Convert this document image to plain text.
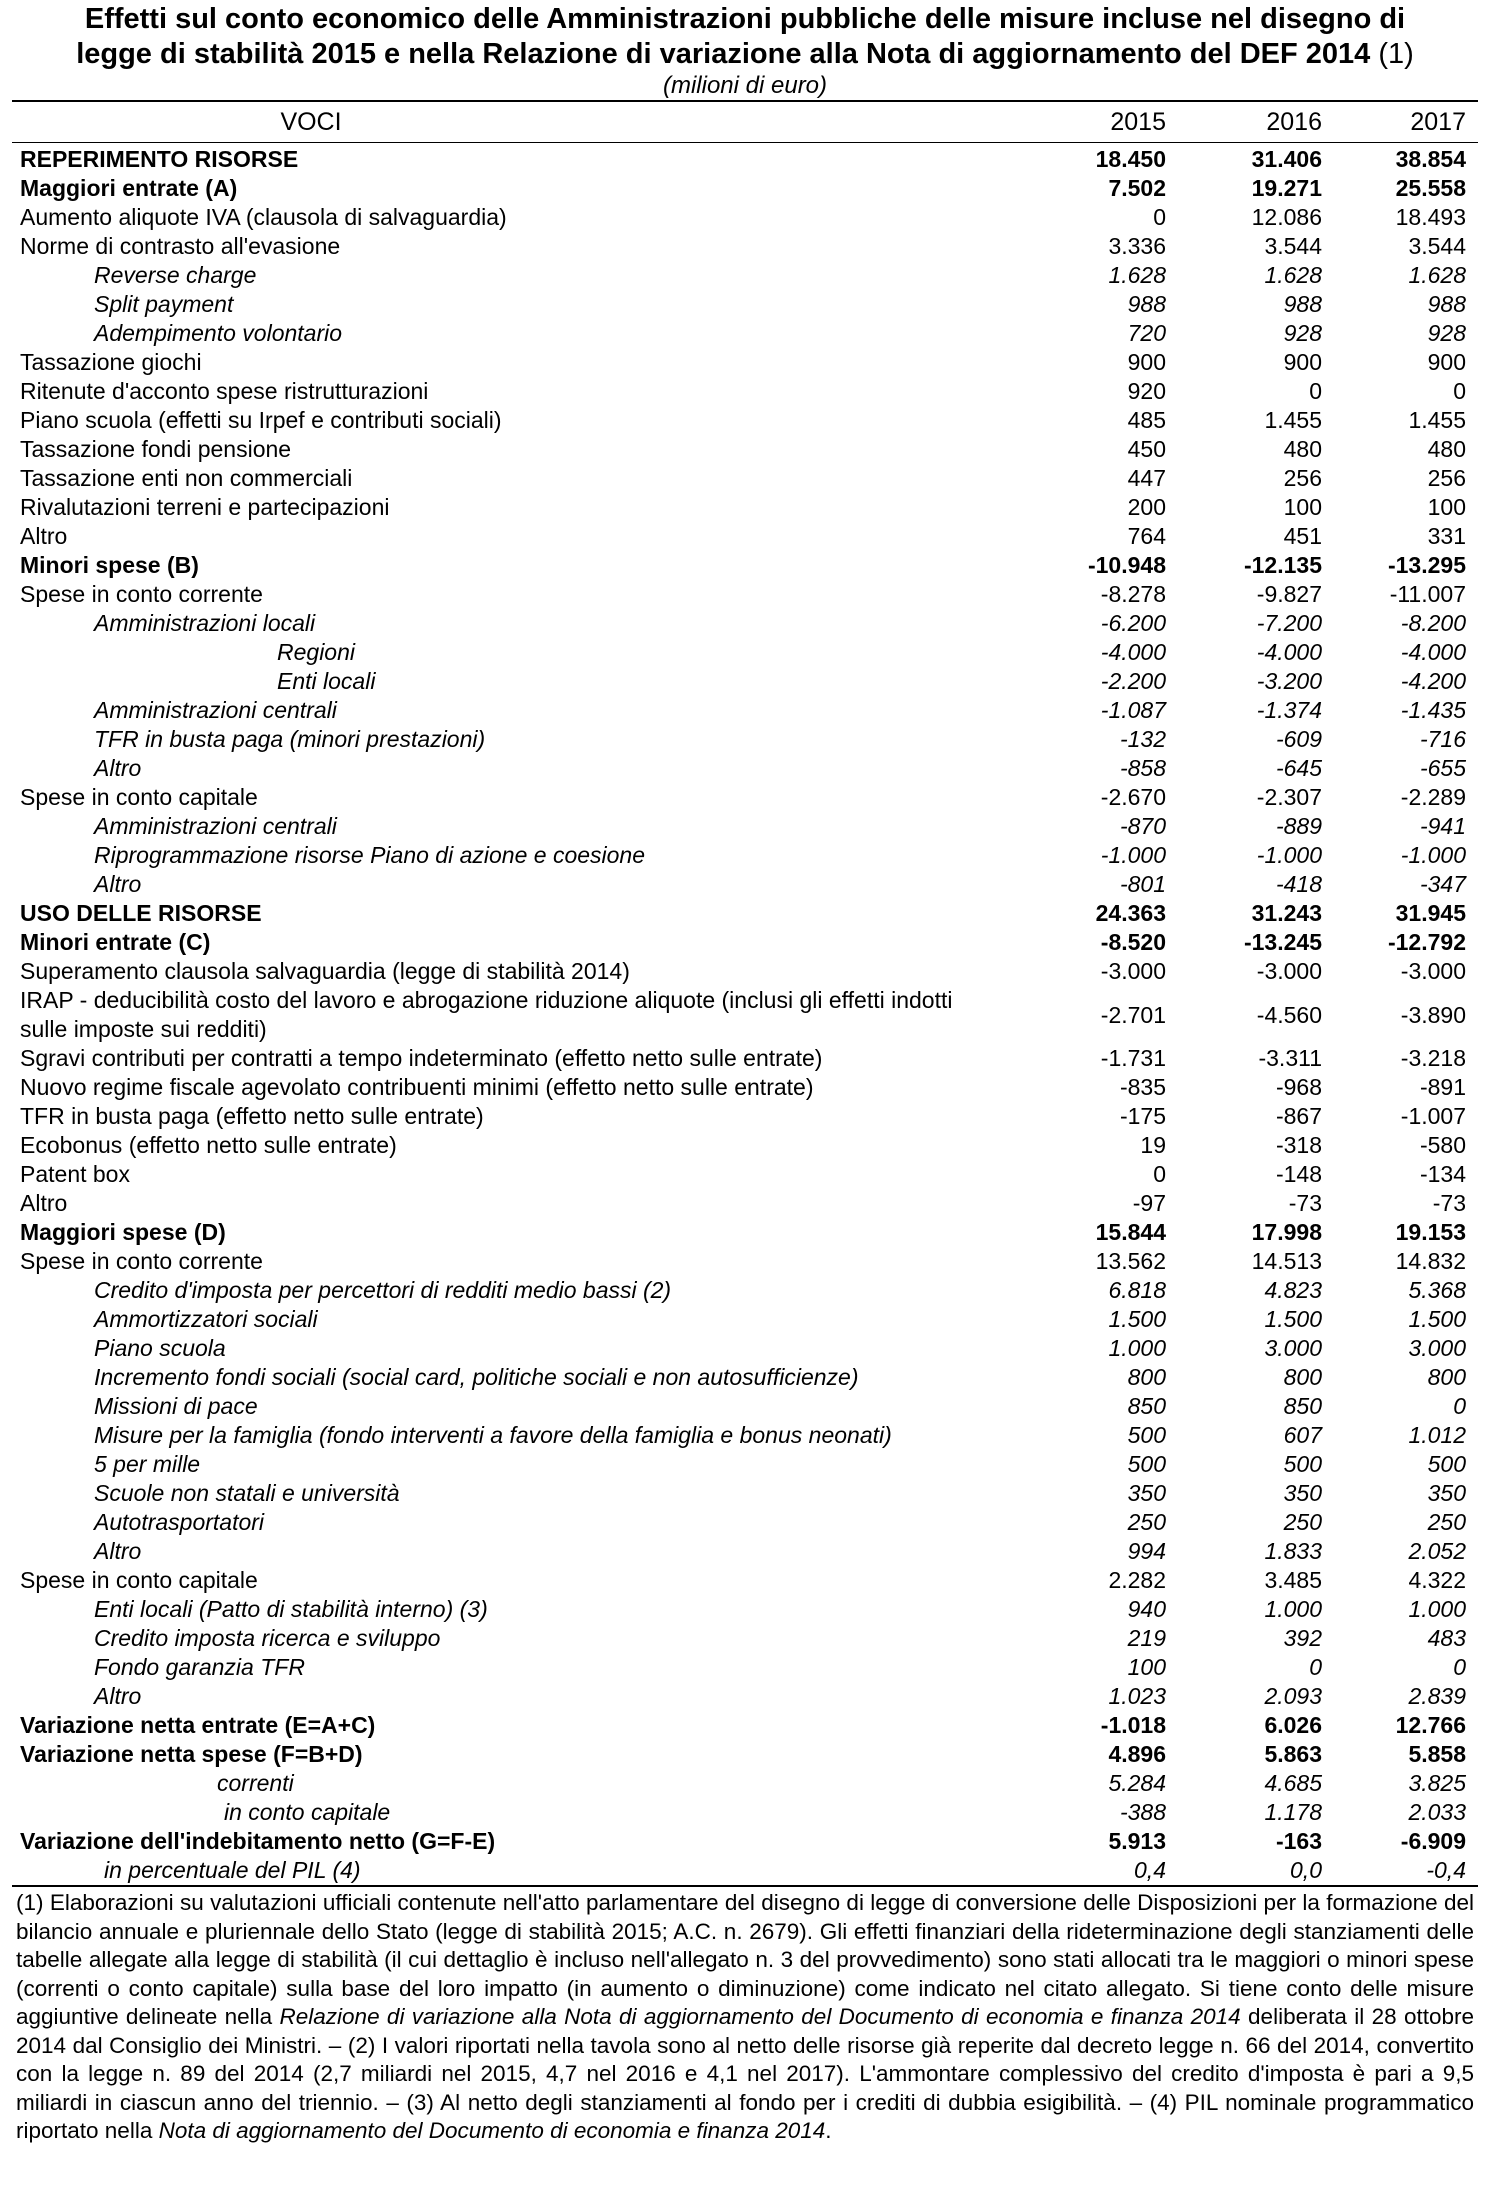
Effetti sul conto economico delle Amministrazioni pubbliche delle misure incluse nel disegno di
legge di stabilità 2015 e nella Relazione di variazione alla Nota di aggiornamento del DEF 2014 (1)
(milioni di euro)
VOCI	2015	2016	2017
REPERIMENTO RISORSE	18.450	31.406	38.854
Maggiori entrate (A)	7.502	19.271	25.558
Aumento aliquote IVA (clausola di salvaguardia)	0	12.086	18.493
Norme di contrasto all'evasione	3.336	3.544	3.544
Reverse charge	1.628	1.628	1.628
Split payment	988	988	988
Adempimento volontario	720	928	928
Tassazione giochi	900	900	900
Ritenute d'acconto spese ristrutturazioni	920	0	0
Piano scuola (effetti su Irpef e contributi sociali)	485	1.455	1.455
Tassazione fondi pensione	450	480	480
Tassazione enti non commerciali	447	256	256
Rivalutazioni terreni e partecipazioni	200	100	100
Altro	764	451	331
Minori spese (B)	-10.948	-12.135	-13.295
Spese in conto corrente	-8.278	-9.827	-11.007
Amministrazioni locali	-6.200	-7.200	-8.200
Regioni	-4.000	-4.000	-4.000
Enti locali	-2.200	-3.200	-4.200
Amministrazioni centrali	-1.087	-1.374	-1.435
TFR in busta paga (minori prestazioni)	-132	-609	-716
Altro	-858	-645	-655
Spese in conto capitale	-2.670	-2.307	-2.289
Amministrazioni centrali	-870	-889	-941
Riprogrammazione risorse Piano di azione e coesione	-1.000	-1.000	-1.000
Altro	-801	-418	-347
USO DELLE RISORSE	24.363	31.243	31.945
Minori entrate (C)	-8.520	-13.245	-12.792
Superamento clausola salvaguardia (legge di stabilità 2014)	-3.000	-3.000	-3.000
IRAP - deducibilità costo del lavoro e abrogazione riduzione aliquote (inclusi gli effetti indotti sulle imposte sui redditi)
-2.701	-4.560	-3.890
Sgravi contributi per contratti a tempo indeterminato (effetto netto sulle entrate)	-1.731	-3.311	-3.218
Nuovo regime fiscale agevolato contribuenti minimi (effetto netto sulle entrate)	-835	-968	-891
TFR in busta paga (effetto netto sulle entrate)	-175	-867	-1.007
Ecobonus (effetto netto sulle entrate)	19	-318	-580
Patent box	0	-148	-134
Altro	-97	-73	-73
Maggiori spese (D)	15.844	17.998	19.153
Spese in conto corrente	13.562	14.513	14.832
Credito d'imposta per percettori di redditi medio bassi (2)	6.818	4.823	5.368
Ammortizzatori sociali	1.500	1.500	1.500
Piano scuola	1.000	3.000	3.000
Incremento fondi sociali (social card, politiche sociali e non autosufficienze)	800	800	800
Missioni di pace	850	850	0
Misure per la famiglia (fondo interventi a favore della famiglia e bonus neonati)	500	607	1.012
5 per mille	500	500	500
Scuole non statali e università	350	350	350
Autotrasportatori	250	250	250
Altro	994	1.833	2.052
Spese in conto capitale	2.282	3.485	4.322
Enti locali (Patto di stabilità interno) (3)	940	1.000	1.000
Credito imposta ricerca e sviluppo	219	392	483
Fondo garanzia TFR	100	0	0
Altro	1.023	2.093	2.839
Variazione netta entrate (E=A+C)	-1.018	6.026	12.766
Variazione netta spese (F=B+D)	4.896	5.863	5.858
correnti	5.284	4.685	3.825
in conto capitale	-388	1.178	2.033
Variazione dell'indebitamento netto (G=F-E)	5.913	-163	-6.909
in percentuale del PIL (4)	0,4	0,0	-0,4
(1) Elaborazioni su valutazioni ufficiali contenute nell'atto parlamentare del disegno di legge di conversione delle Disposizioni per la formazione del bilancio annuale e pluriennale dello Stato (legge di stabilità 2015; A.C. n. 2679). Gli effetti finanziari della rideterminazione degli stanziamenti delle tabelle allegate alla legge di stabilità (il cui dettaglio è incluso nell'allegato n. 3 del provvedimento) sono stati allocati tra le maggiori o minori spese (correnti o conto capitale) sulla base del loro impatto (in aumento o diminuzione) come indicato nel citato allegato. Si tiene conto delle misure aggiuntive delineate nella Relazione di variazione alla Nota di aggiornamento del Documento di economia e finanza 2014 deliberata il 28 ottobre 2014 dal Consiglio dei Ministri. – (2) I valori riportati nella tavola sono al netto delle risorse già reperite dal decreto legge n. 66 del 2014, convertito con la legge n. 89 del 2014 (2,7 miliardi nel 2015, 4,7 nel 2016 e 4,1 nel 2017). L'ammontare complessivo del credito d'imposta è pari a 9,5 miliardi in ciascun anno del triennio. – (3) Al netto degli stanziamenti al fondo per i crediti di dubbia esigibilità. – (4) PIL nominale programmatico riportato nella Nota di aggiornamento del Documento di economia e finanza 2014.
